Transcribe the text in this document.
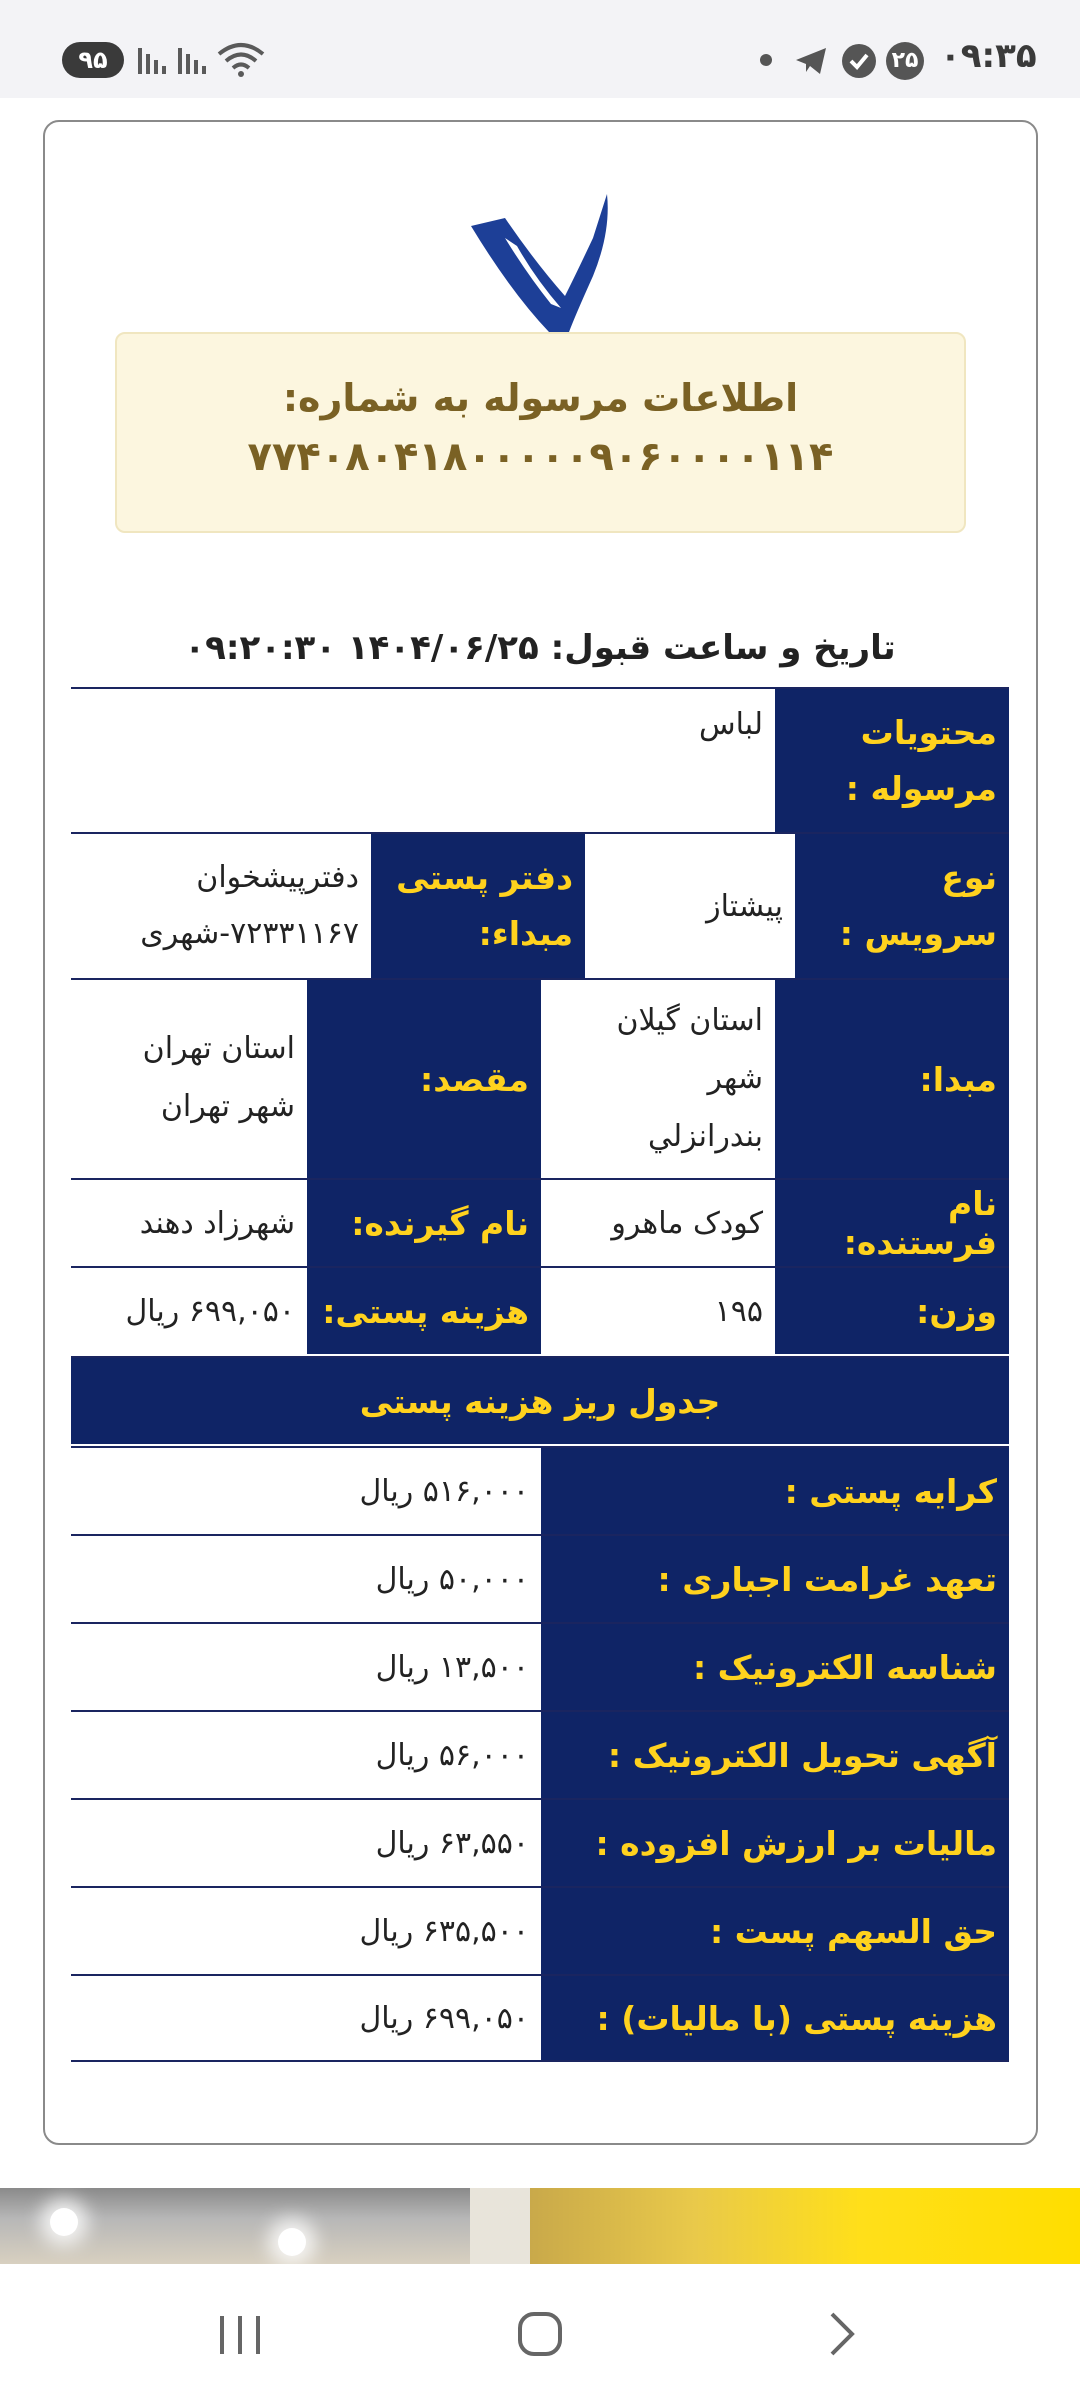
۹۵	۲۵ ۰۹:۳۵
اطلاعات مرسوله به شماره:
۷۷۴۰۸۰۴۱۸۰۰۰۰۰۹۰۶۰۰۰۰۱۱۴
تاریخ و ساعت قبول: ۱۴۰۴/۰۶/۲۵ ۰۹:۲۰:۳۰
محتویات مرسوله :
لباس
نوع سرویس :
پیشتاز
دفتر پستی مبداء:
دفترپیشخوان ۷۲۳۳۱۱۶۷-شهری
مبدا:
استان گیلان
شهر
بندرانزلي
مقصد:
استان تهران
شهر تهران
نام فرستنده:
کودک ماهرو
نام گیرنده:
شهرزاد دهند
وزن:
۱۹۵
هزینه پستی:
۶۹۹,۰۵۰ ریال
جدول ریز هزینه پستی
کرایه پستی :
۵۱۶,۰۰۰ ریال
تعهد غرامت اجباری :
۵۰,۰۰۰ ریال
شناسه الکترونیک :
۱۳,۵۰۰ ریال
آگهی تحویل الکترونیک :
۵۶,۰۰۰ ریال
مالیات بر ارزش افزوده :
۶۳,۵۵۰ ریال
حق السهم پست :
۶۳۵,۵۰۰ ریال
هزینه پستی (با مالیات) :
۶۹۹,۰۵۰ ریال
